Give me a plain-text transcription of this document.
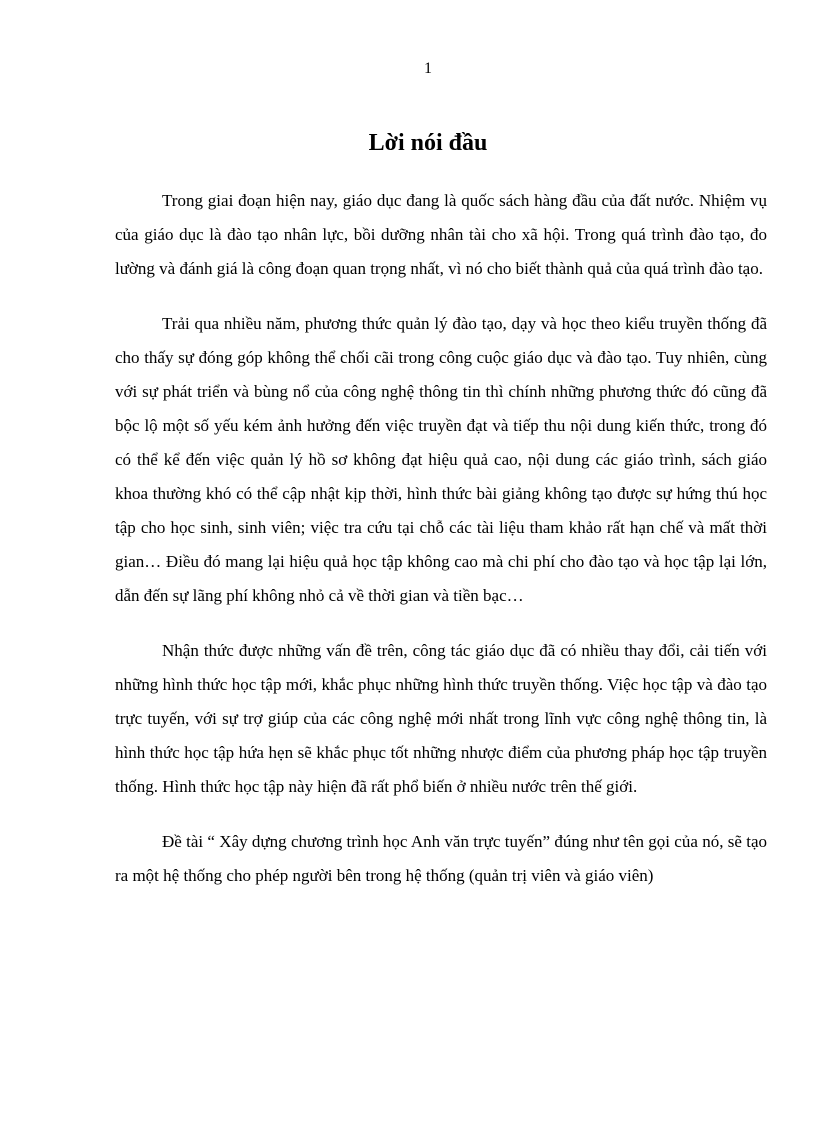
1
Lời nói đầu

Trong giai đoạn hiện nay, giáo dục đang là quốc sách hàng đầu của đất nước. Nhiệm vụ của giáo dục là đào tạo nhân lực, bồi dưỡng nhân tài cho xã hội. Trong quá trình đào tạo, đo lường và đánh giá là công đoạn quan trọng nhất, vì nó cho biết thành quả của quá trình đào tạo.

Trải qua nhiều năm, phương thức quản lý đào tạo, dạy và học theo kiểu truyền thống đã cho thấy sự đóng góp không thể chối cãi trong công cuộc giáo dục và đào tạo. Tuy nhiên, cùng với sự phát triển và bùng nổ của công nghệ thông tin thì chính những phương thức đó cũng đã bộc lộ một số yếu kém ảnh hưởng đến việc truyền đạt và tiếp thu nội dung kiến thức, trong đó có thể kể đến việc quản lý hồ sơ không đạt hiệu quả cao, nội dung các giáo trình, sách giáo khoa thường khó có thể cập nhật kịp thời, hình thức bài giảng không tạo được sự hứng thú học tập cho học sinh, sinh viên; việc tra cứu tại chỗ các tài liệu tham khảo rất hạn chế và mất thời gian… Điều đó mang lại hiệu quả học tập không cao mà chi phí cho đào tạo và học tập lại lớn, dẫn đến sự lãng phí không nhỏ cả về thời gian và tiền bạc…

Nhận thức được những vấn đề trên, công tác giáo dục đã có nhiều thay đổi, cải tiến với những hình thức học tập mới, khắc phục những hình thức truyền thống. Việc học tập và đào tạo trực tuyến, với sự trợ giúp của các công nghệ mới nhất trong lĩnh vực công nghệ thông tin, là hình thức học tập hứa hẹn sẽ khắc phục tốt những nhược điểm của phương pháp học tập truyền thống. Hình thức học tập này hiện đã rất phổ biến ở nhiều nước trên thế giới.

Đề tài “ Xây dựng chương trình học Anh văn trực tuyến” đúng như tên gọi của nó, sẽ tạo ra một hệ thống cho phép người bên trong hệ thống (quản trị viên và giáo viên)
